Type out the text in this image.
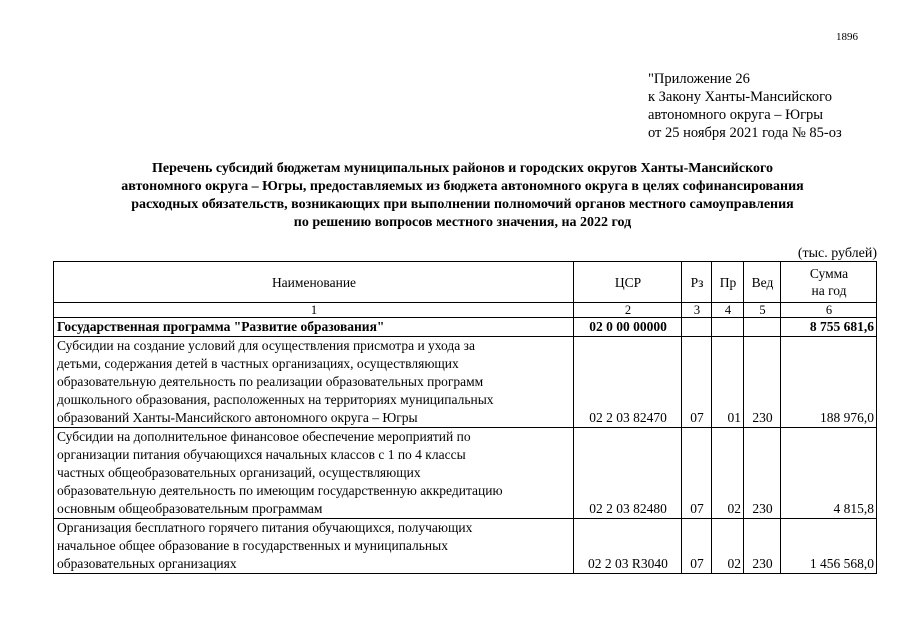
1896
"Приложение 26
к Закону Ханты-Мансийского
автономного округа – Югры
от 25 ноября 2021 года № 85-оз
Перечень субсидий бюджетам муниципальных районов и городских округов Ханты-Мансийского
автономного округа – Югры, предоставляемых из бюджета автономного округа в целях софинансирования
расходных обязательств, возникающих при выполнении полномочий органов местного самоуправления
по решению вопросов местного значения, на 2022 год
(тыс. рублей)
Наименование	ЦСР	Рз	Пр	Вед	Сумма
на год

1	2	3	4	5	6
Государственная программа "Развитие образования"	02 0 00 00000				8 755 681,6

Субсидии на создание условий для осуществления присмотра и ухода за
детьми, содержания детей в частных организациях, осуществляющих
образовательную деятельность по реализации образовательных программ
дошкольного образования, расположенных на территориях муниципальных
образований Ханты-Мансийского автономного округа – Югры	02 2 03 82470	07	01	230	188 976,0

Субсидии на дополнительное финансовое обеспечение мероприятий по
организации питания обучающихся начальных классов с 1 по 4 классы
частных общеобразовательных организаций, осуществляющих
образовательную деятельность по имеющим государственную аккредитацию
основным общеобразовательным программам	02 2 03 82480	07	02	230	4 815,8

Организация бесплатного горячего питания обучающихся, получающих
начальное общее образование в государственных и муниципальных
образовательных организациях	02 2 03 R3040	07	02	230	1 456 568,0
